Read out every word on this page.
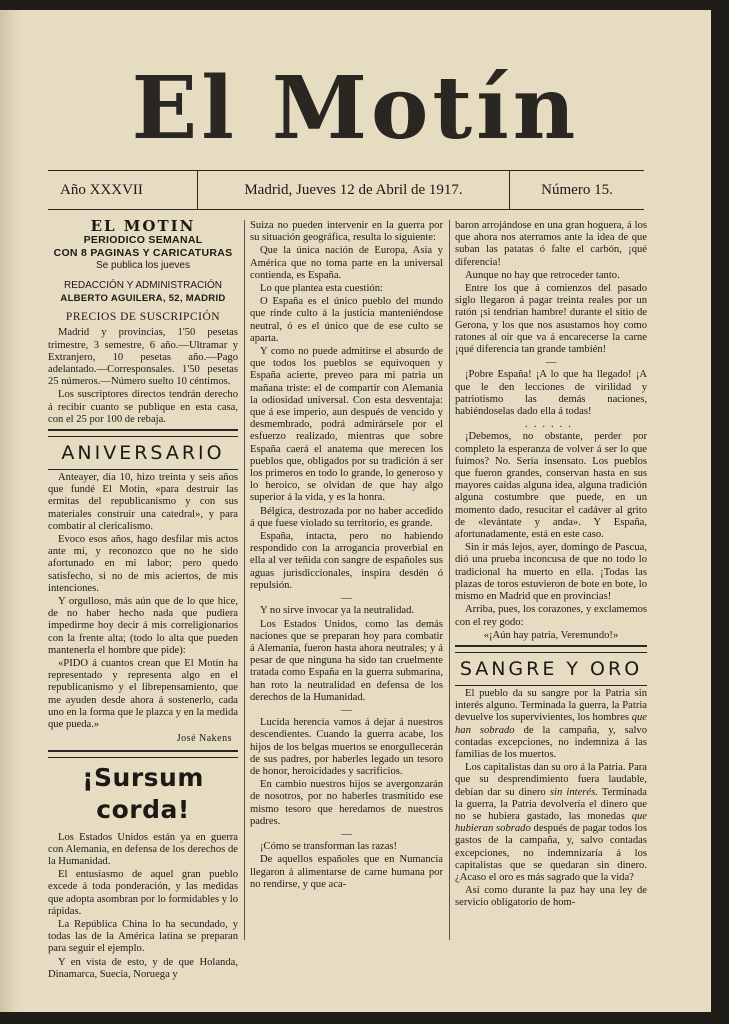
El Motín
Año XXXVII	Madrid, Jueves 12 de Abril de 1917.	Número 15.
EL MOTIN
PERIODICO SEMANAL
CON 8 PAGINAS Y CARICATURAS
Se publica los jueves
REDACCIÓN Y ADMINISTRACIÓN
ALBERTO AGUILERA, 52, MADRID
PRECIOS DE SUSCRIPCIÓN

Madrid y provincias, 1'50 pesetas trimestre, 3 semestre, 6 año.—Ultramar y Extranjero, 10 pesetas año.—Pago adelantado.—Corresponsales. 1'50 pesetas 25 números.—Número suelto 10 céntimos.

Los suscriptores directos tendrán derecho á recibir cuanto se publique en esta casa, con el 25 por 100 de rebaja.

ANIVERSARIO

Anteayer, día 10, hizo treinta y seis años que fundé El Motín, «para destruir las ermitas del republicanismo y con sus materiales construir una catedral», y para combatir al clericalismo.

Evoco esos años, hago desfilar mis actos ante mí, y reconozco que no he sido afortunado en mi labor; pero quedo satisfecho, si no de mis aciertos, de mis intenciones.

Y orgulloso, más aún que de lo que hice, de no haber hecho nada que pudiera impedirme hoy decir á mis correligionarios con la frente alta; (todo lo alta que pueden mantenerla el hombre que pide):

«PIDO á cuantos crean que El Motín ha representado y representa algo en el republicanismo y el librepensamiento, que me ayuden desde ahora á sostenerlo, cada uno en la forma que le plazca y en la medida que pueda.»

José Nakens
¡Sursum corda!

Los Estados Unidos están ya en guerra con Alemania, en defensa de los derechos de la Humanidad.

El entusiasmo de aquel gran pueblo excede á toda ponderación, y las medidas que adopta asombran por lo formidables y lo rápidas.

La República China lo ha secundado, y todas las de la América latina se preparan para seguir el ejemplo.

Y en vista de esto, y de que Holanda, Dinamarca, Suecia, Noruega y

Suiza no pueden intervenir en la guerra por su situación geográfica, resulta lo siguiente:

Que la única nación de Europa, Asia y América que no toma parte en la universal contienda, es España.

Lo que plantea esta cuestión:

O España es el único pueblo del mundo que rinde culto á la justicia manteniéndose neutral, ó es el único que de ese culto se aparta.

Y como no puede admitirse el absurdo de que todos los pueblos se equivoquen y España acierte, preveo para mi patria un mañana triste: el de compartir con Alemania la odiosidad universal. Con esta desventaja: que á ese imperio, aun después de vencido y desmembrado, podrá admirársele por el esfuerzo realizado, mientras que sobre España caerá el anatema que merecen los pueblos que, obligados por su tradición á ser los primeros en todo lo grande, lo generoso y lo heroico, se olvidan de que hay algo superior á la vida, y es la honra.

Bélgica, destrozada por no haber accedido á que fuese violado su territorio, es grande.

España, intacta, pero no habiendo respondido con la arrogancia proverbial en ella al ver teñida con sangre de españoles sus aguas jurisdiccionales, inspira desdén ó repulsión.

—

Y no sirve invocar ya la neutralidad.

Los Estados Unidos, como las demás naciones que se preparan hoy para combatir á Alemania, fueron hasta ahora neutrales; y á pesar de que ninguna ha sido tan cruelmente tratada como España en la guerra submarina, han roto la neutralidad en defensa de los derechos de la Humanidad.

—

Lucida herencia vamos á dejar á nuestros descendientes. Cuando la guerra acabe, los hijos de los belgas muertos se enorgullecerán de sus padres, por haberles legado un tesoro de honor, heroicidades y sacrificios.

En cambio nuestros hijos se avergonzarán de nosotros, por no haberles trasmitido ese mismo tesoro que heredamos de nuestros padres.

—

¡Cómo se transforman las razas!

De aquellos españoles que en Numancia llegaron á alimentarse de carne humana por no rendirse, y que aca-

baron arrojándose en una gran hoguera, á los que ahora nos aterramos ante la idea de que suban las patatas ó falte el carbón, ¡qué diferencia!

Aunque no hay que retroceder tanto.

Entre los que á comienzos del pasado siglo llegaron á pagar treinta reales por un ratón ¡si tendrían hambre! durante el sitio de Gerona, y los que nos asustamos hoy como ratones al oír que va á encarecerse la carne ¡qué diferencia tan grande también!

—

¡Pobre España! ¡A lo que ha llegado! ¡A que le den lecciones de virilidad y patriotismo las demás naciones, habiéndoselas dado ella á todas!

......

¡Debemos, no obstante, perder por completo la esperanza de volver á ser lo que fuimos? No. Sería insensato. Los pueblos que fueron grandes, conservan hasta en sus mayores caídas alguna idea, alguna tradición alguna costumbre que puede, en un momento dado, resucitar el cadáver al grito de «levántate y anda». Y España, afortunadamente, está en este caso.

Sin ir más lejos, ayer, domingo de Pascua, dió una prueba inconcusa de que no todo lo tradicional ha muerto en ella. ¡Todas las plazas de toros estuvieron de bote en bote, lo mismo en Madrid que en provincias!

Arriba, pues, los corazones, y exclamemos con el rey godo:

«¡Aún hay patria, Veremundo!»

SANGRE Y ORO

El pueblo da su sangre por la Patria sin interés alguno. Terminada la guerra, la Patria devuelve los supervivientes, los hombres que han sobrado de la campaña, y, salvo contadas excepciones, no indemniza á las familias de los muertos.

Los capitalistas dan su oro á la Patria. Para que su desprendimiento fuera laudable, debían dar su dinero sin interés. Terminada la guerra, la Patria devolvería el dinero que no se hubiera gastado, las monedas que hubieran sobrado después de pagar todos los gastos de la campaña, y, salvo contadas excepciones, no indemnizaría á los capitalistas que se quedaran sin dinero. ¿Acaso el oro es más sagrado que la vida?

Así como durante la paz hay una ley de servicio obligatorio de hom-
